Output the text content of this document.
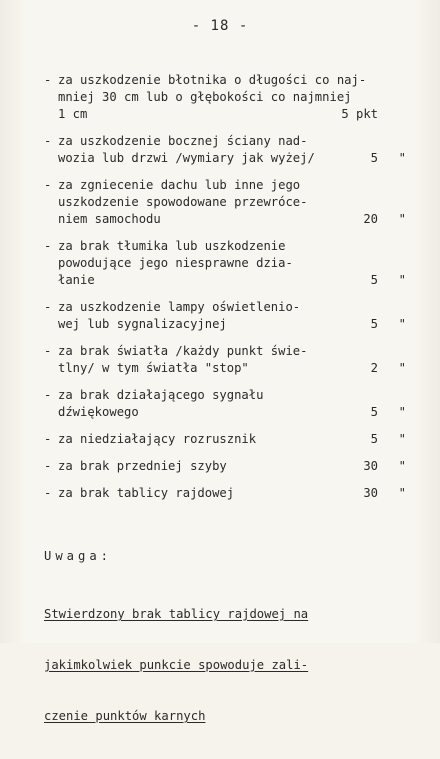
- 18 -
- za uszkodzenie błotnika o długości co naj-
mniej 30 cm lub o głębokości co najmniej
1 cm	5 pkt
- za uszkodzenie bocznej ściany nad-
wozia lub drzwi /wymiary jak wyżej/	5 "
- za zgniecenie dachu lub inne jego
uszkodzenie spowodowane przewróce-
niem samochodu	20 "
- za brak tłumika lub uszkodzenie
powodujące jego niesprawne dzia-
łanie	5 "
- za uszkodzenie lampy oświetlenio-
wej lub sygnalizacyjnej	5 "
- za brak światła /każdy punkt świe-
tlny/ w tym światła "stop"	2 "
- za brak działającego sygnału
dźwiękowego	5 "
- za niedziałający rozrusznik	5 "
- za brak przedniej szyby	30 "
- za brak tablicy rajdowej	30 "
Uwaga:

Stwierdzony brak tablicy rajdowej na

jakimkolwiek punkcie spowoduje zali-

czenie punktów karnych
